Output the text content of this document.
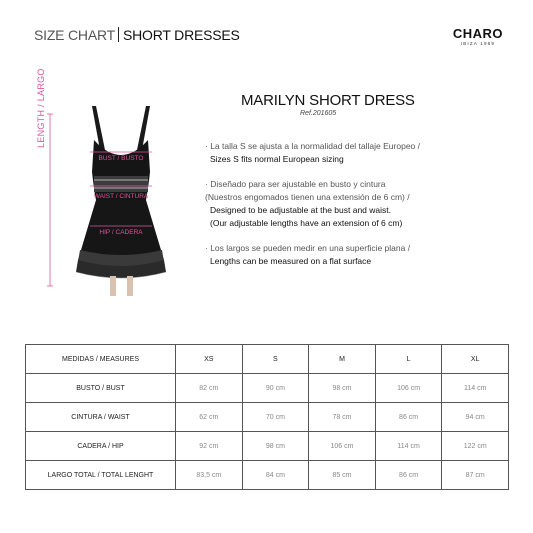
SIZE CHART SHORT DRESSES	CHARO
IBIZA 1989
LENGTH / LARGO
BUST / BUSTO
WAIST / CINTURA
HIP / CADERA
MARILYN SHORT DRESS
Ref.201605
· La talla S se ajusta a la normalidad del tallaje Europeo /
Sizes S fits normal European sizing
· Diseñado para ser ajustable en busto y cintura
(Nuestros engomados tienen una extensión de 6 cm) /
Designed to be adjustable at the bust and waist.
(Our adjustable lengths have an extension of 6 cm)
· Los largos se pueden medir en una superficie plana /
Lengths can be measured on a flat surface
MEDIDAS / MEASURES	XS	S	M	L	XL
BUSTO / BUST	82 cm	90 cm	98 cm	106 cm	114 cm
CINTURA / WAIST	62 cm	70 cm	78 cm	86 cm	94 cm
CADERA / HIP	92 cm	98 cm	106 cm	114 cm	122 cm
LARGO TOTAL / TOTAL LENGHT	83,5 cm	84 cm	85 cm	86 cm	87 cm
